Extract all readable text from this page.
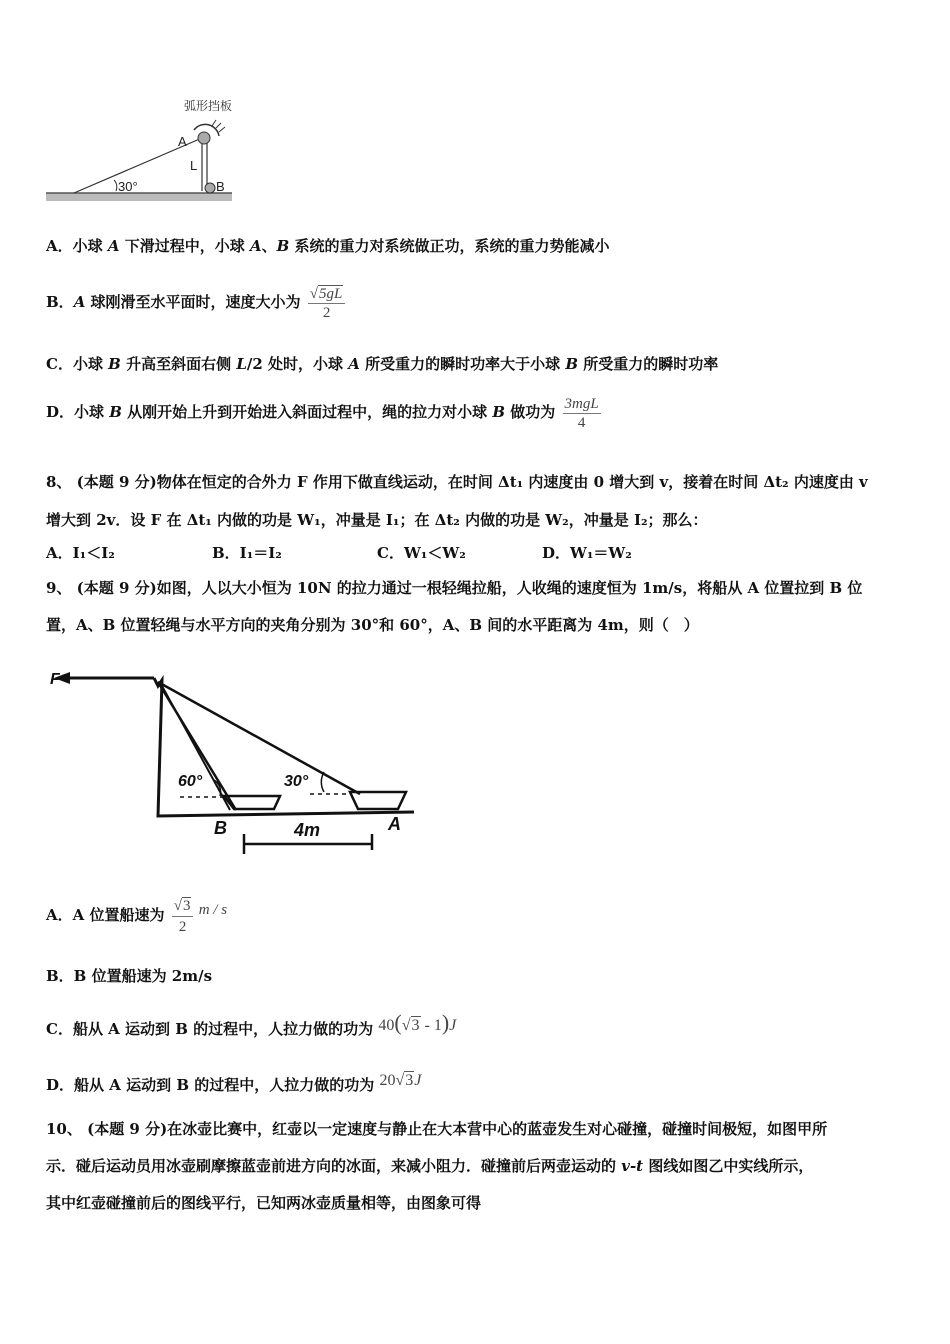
30°
弧形挡板
A
L
B
A．小球 A 下滑过程中，小球 A、B 系统的重力对系统做正功，系统的重力势能减小
B．A 球刚滑至水平面时，速度大小为 $\frac{√5gL}{2}$
C．小球 B 升高至斜面右侧 L/2 处时，小球 A 所受重力的瞬时功率大于小球 B 所受重力的瞬时功率
D．小球 B 从刚开始上升到开始进入斜面过程中，绳的拉力对小球 B 做功为 $\frac{\text{3mgL}}{4}$
8、 (本题 9 分)物体在恒定的合外力 F 作用下做直线运动，在时间 Δt₁ 内速度由 0 增大到 v，接着在时间 Δt₂ 内速度由 v
增大到 2v．设 F 在 Δt₁ 内做的功是 W₁，冲量是 I₁；在 Δt₂ 内做的功是 W₂，冲量是 I₂；那么：
A．I₁＜I₂	B．I₁＝I₂	C．W₁＜W₂	D．W₁＝W₂
9、 (本题 9 分)如图，人以大小恒为 10N 的拉力通过一根轻绳拉船，人收绳的速度恒为 1m/s，将船从 A 位置拉到 B 位
置，A、B 位置轻绳与水平方向的夹角分别为 30°和 60°，A、B 间的水平距离为 4m，则（　）
F
60°	30°
B	A
4m
A．A 位置船速为 $\frac{√3}{2}$ m / s
B．B 位置船速为 2m/s
C．船从 A 运动到 B 的过程中，人拉力做的功为 40(√3 - 1)J
D．船从 A 运动到 B 的过程中，人拉力做的功为 20√3J
10、 (本题 9 分)在冰壶比赛中，红壶以一定速度与静止在大本营中心的蓝壶发生对心碰撞，碰撞时间极短，如图甲所
示．碰后运动员用冰壶刷摩擦蓝壶前进方向的冰面，来减小阻力．碰撞前后两壶运动的 v-t 图线如图乙中实线所示，
其中红壶碰撞前后的图线平行，已知两冰壶质量相等，由图象可得
